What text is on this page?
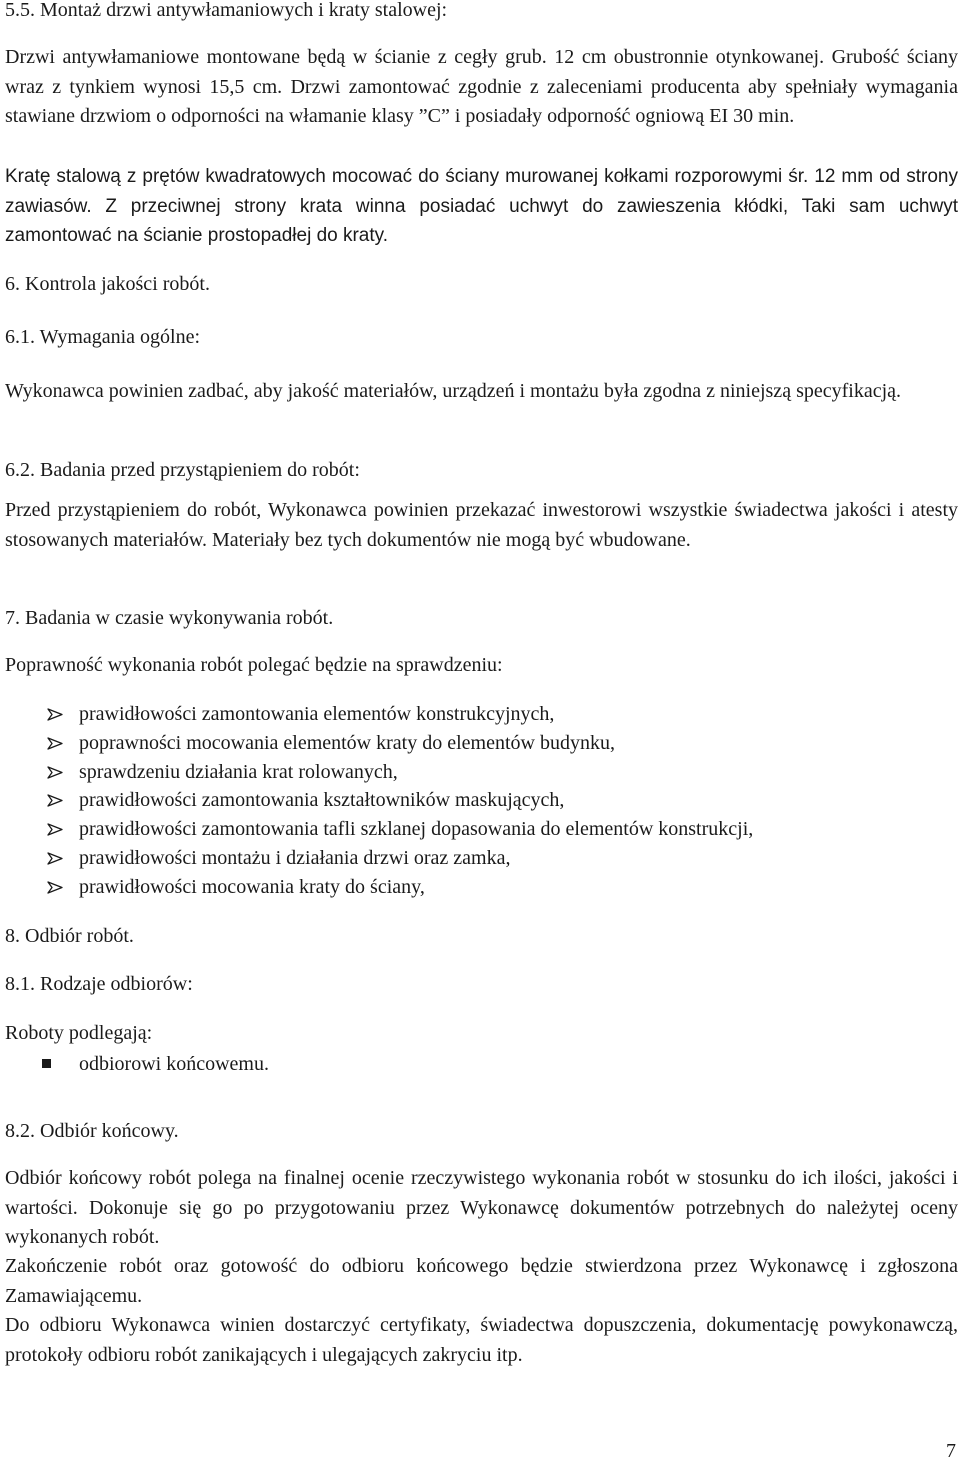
5.5. Montaż drzwi antywłamaniowych i kraty stalowej:

Drzwi antywłamaniowe montowane będą w ścianie z cegły grub. 12 cm obustronnie otynkowanej. Grubość ściany wraz z tynkiem wynosi 15,5 cm. Drzwi zamontować zgodnie z zaleceniami producenta aby spełniały wymagania stawiane drzwiom o odporności na włamanie klasy ”C” i posiadały odporność ogniową EI 30 min.

Kratę stalową z prętów kwadratowych mocować do ściany murowanej kołkami rozporowymi śr. 12 mm od strony zawiasów. Z przeciwnej strony krata winna posiadać uchwyt do zawieszenia kłódki, Taki sam uchwyt zamontować na ścianie prostopadłej do kraty.

6. Kontrola jakości robót.

6.1. Wymagania ogólne:

Wykonawca powinien zadbać, aby jakość materiałów, urządzeń i montażu była zgodna z niniejszą specyfikacją.

6.2. Badania przed przystąpieniem do robót:

Przed przystąpieniem do robót, Wykonawca powinien przekazać inwestorowi wszystkie świadectwa jakości i atesty stosowanych materiałów. Materiały bez tych dokumentów nie mogą być wbudowane.

7. Badania w czasie wykonywania robót.

Poprawność wykonania robót polegać będzie na sprawdzeniu:

prawidłowości zamontowania elementów konstrukcyjnych,
poprawności mocowania elementów kraty do elementów budynku,
sprawdzeniu działania krat rolowanych,
prawidłowości zamontowania kształtowników maskujących,
prawidłowości zamontowania tafli szklanej dopasowania do elementów konstrukcji,
prawidłowości montażu i działania drzwi oraz zamka,
prawidłowości mocowania kraty do ściany,

8. Odbiór robót.

8.1. Rodzaje odbiorów:

Roboty podlegają:

odbiorowi końcowemu.

8.2. Odbiór końcowy.

Odbiór końcowy robót polega na finalnej ocenie rzeczywistego wykonania robót w stosunku do ich ilości, jakości i wartości. Dokonuje się go po przygotowaniu przez Wykonawcę dokumentów potrzebnych do należytej oceny wykonanych robót.

Zakończenie robót oraz gotowość do odbioru końcowego będzie stwierdzona przez Wykonawcę i zgłoszona Zamawiającemu.

Do odbioru Wykonawca winien dostarczyć certyfikaty, świadectwa dopuszczenia, dokumentację powykonawczą, protokoły odbioru robót zanikających i ulegających zakryciu itp.

7
